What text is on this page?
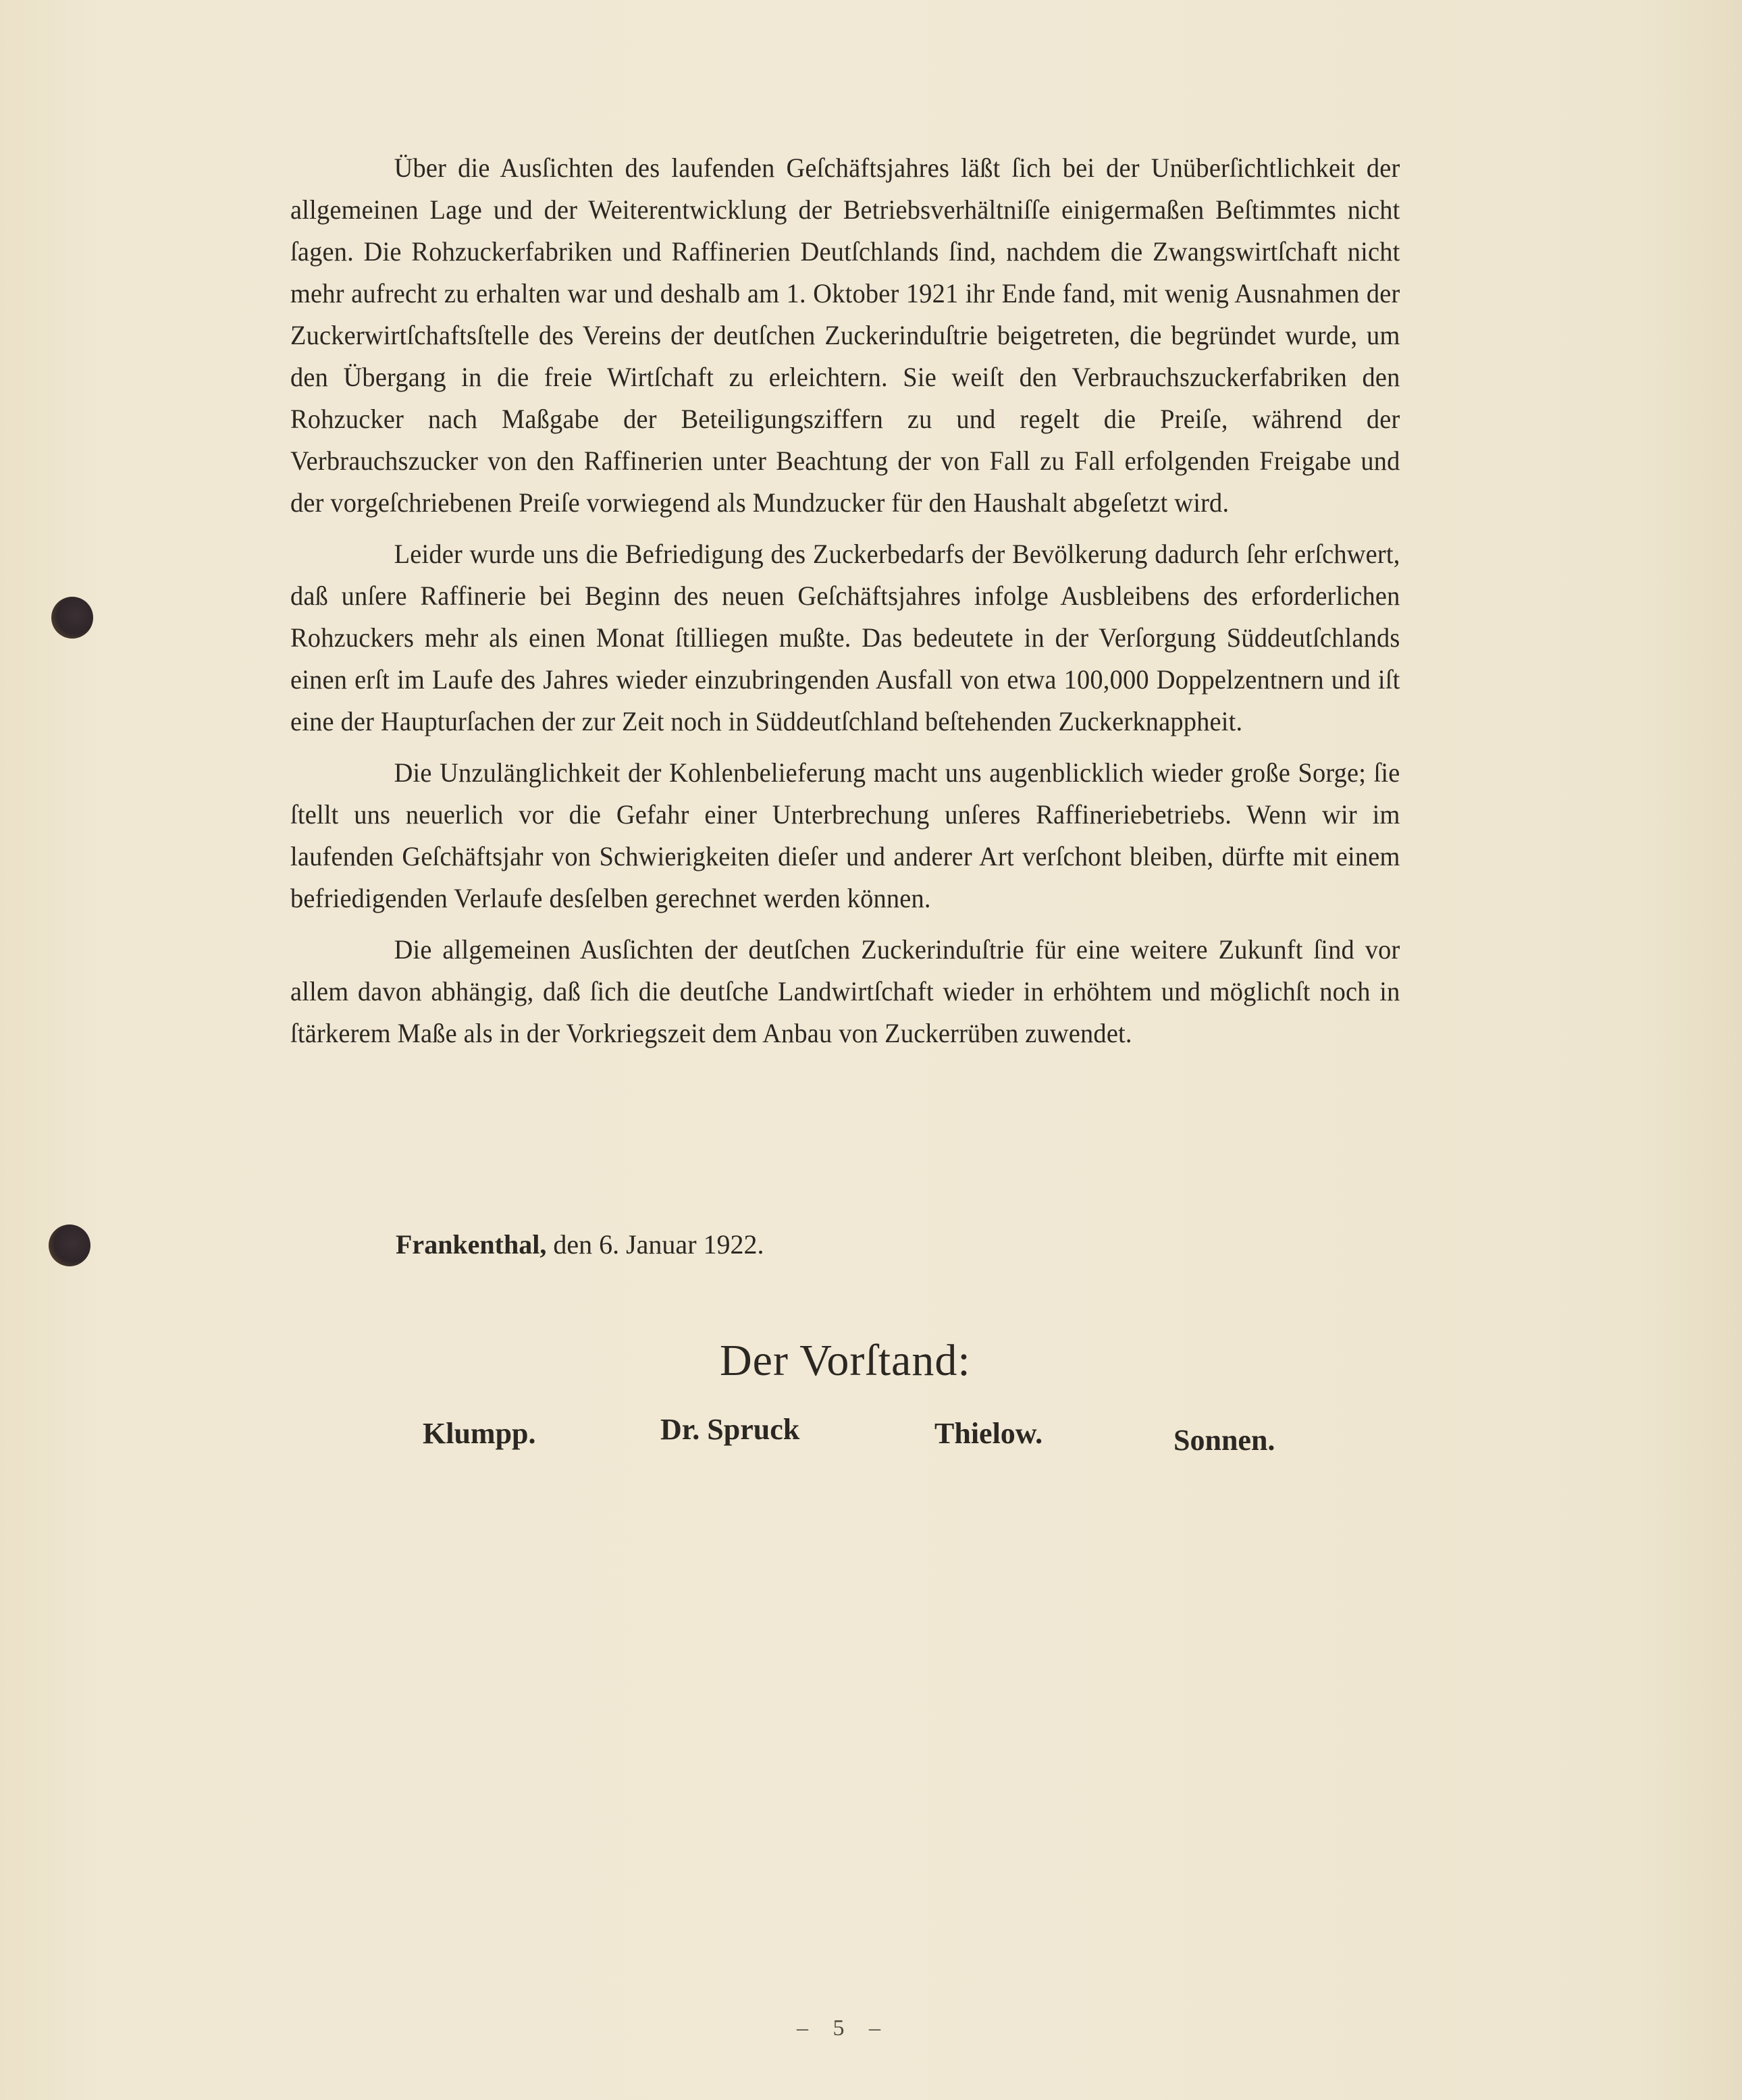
Über die Ausſichten des laufenden Geſchäftsjahres läßt ſich bei der Unüberſichtlichkeit der allgemeinen Lage und der Weiterentwicklung der Betriebsverhältniſſe einigermaßen Beſtimmtes nicht ſagen. Die Rohzuckerfabriken und Raffinerien Deutſchlands ſind, nachdem die Zwangswirtſchaft nicht mehr aufrecht zu erhalten war und deshalb am 1. Oktober 1921 ihr Ende fand, mit wenig Ausnahmen der Zuckerwirtſchaftsſtelle des Vereins der deutſchen Zuckerinduſtrie beigetreten, die begründet wurde, um den Übergang in die freie Wirtſchaft zu erleichtern. Sie weiſt den Verbrauchszuckerfabriken den Rohzucker nach Maßgabe der Beteiligungsziffern zu und regelt die Preiſe, während der Verbrauchszucker von den Raffinerien unter Beachtung der von Fall zu Fall erfolgenden Freigabe und der vorgeſchriebenen Preiſe vorwiegend als Mundzucker für den Haushalt abgeſetzt wird.

Leider wurde uns die Befriedigung des Zuckerbedarfs der Bevölkerung dadurch ſehr erſchwert, daß unſere Raffinerie bei Beginn des neuen Geſchäftsjahres infolge Ausbleibens des erforderlichen Rohzuckers mehr als einen Monat ſtilliegen mußte. Das bedeutete in der Verſorgung Süddeutſchlands einen erſt im Laufe des Jahres wieder einzubringenden Ausfall von etwa 100,000 Doppelzentnern und iſt eine der Haupturſachen der zur Zeit noch in Süddeutſchland beſtehenden Zuckerknappheit.

Die Unzulänglichkeit der Kohlenbelieferung macht uns augenblicklich wieder große Sorge; ſie ſtellt uns neuerlich vor die Gefahr einer Unterbrechung unſeres Raffineriebetriebs. Wenn wir im laufenden Geſchäftsjahr von Schwierigkeiten dieſer und anderer Art verſchont bleiben, dürfte mit einem befriedigenden Verlaufe desſelben gerechnet werden können.

Die allgemeinen Ausſichten der deutſchen Zuckerinduſtrie für eine weitere Zukunft ſind vor allem davon abhängig, daß ſich die deutſche Landwirtſchaft wieder in erhöhtem und möglichſt noch in ſtärkerem Maße als in der Vorkriegszeit dem Anbau von Zuckerrüben zuwendet.

Frankenthal, den 6. Januar 1922.
Der Vorſtand:
Klumpp.	Dr. Spruck	Thielow.	Sonnen.
– 5 –
